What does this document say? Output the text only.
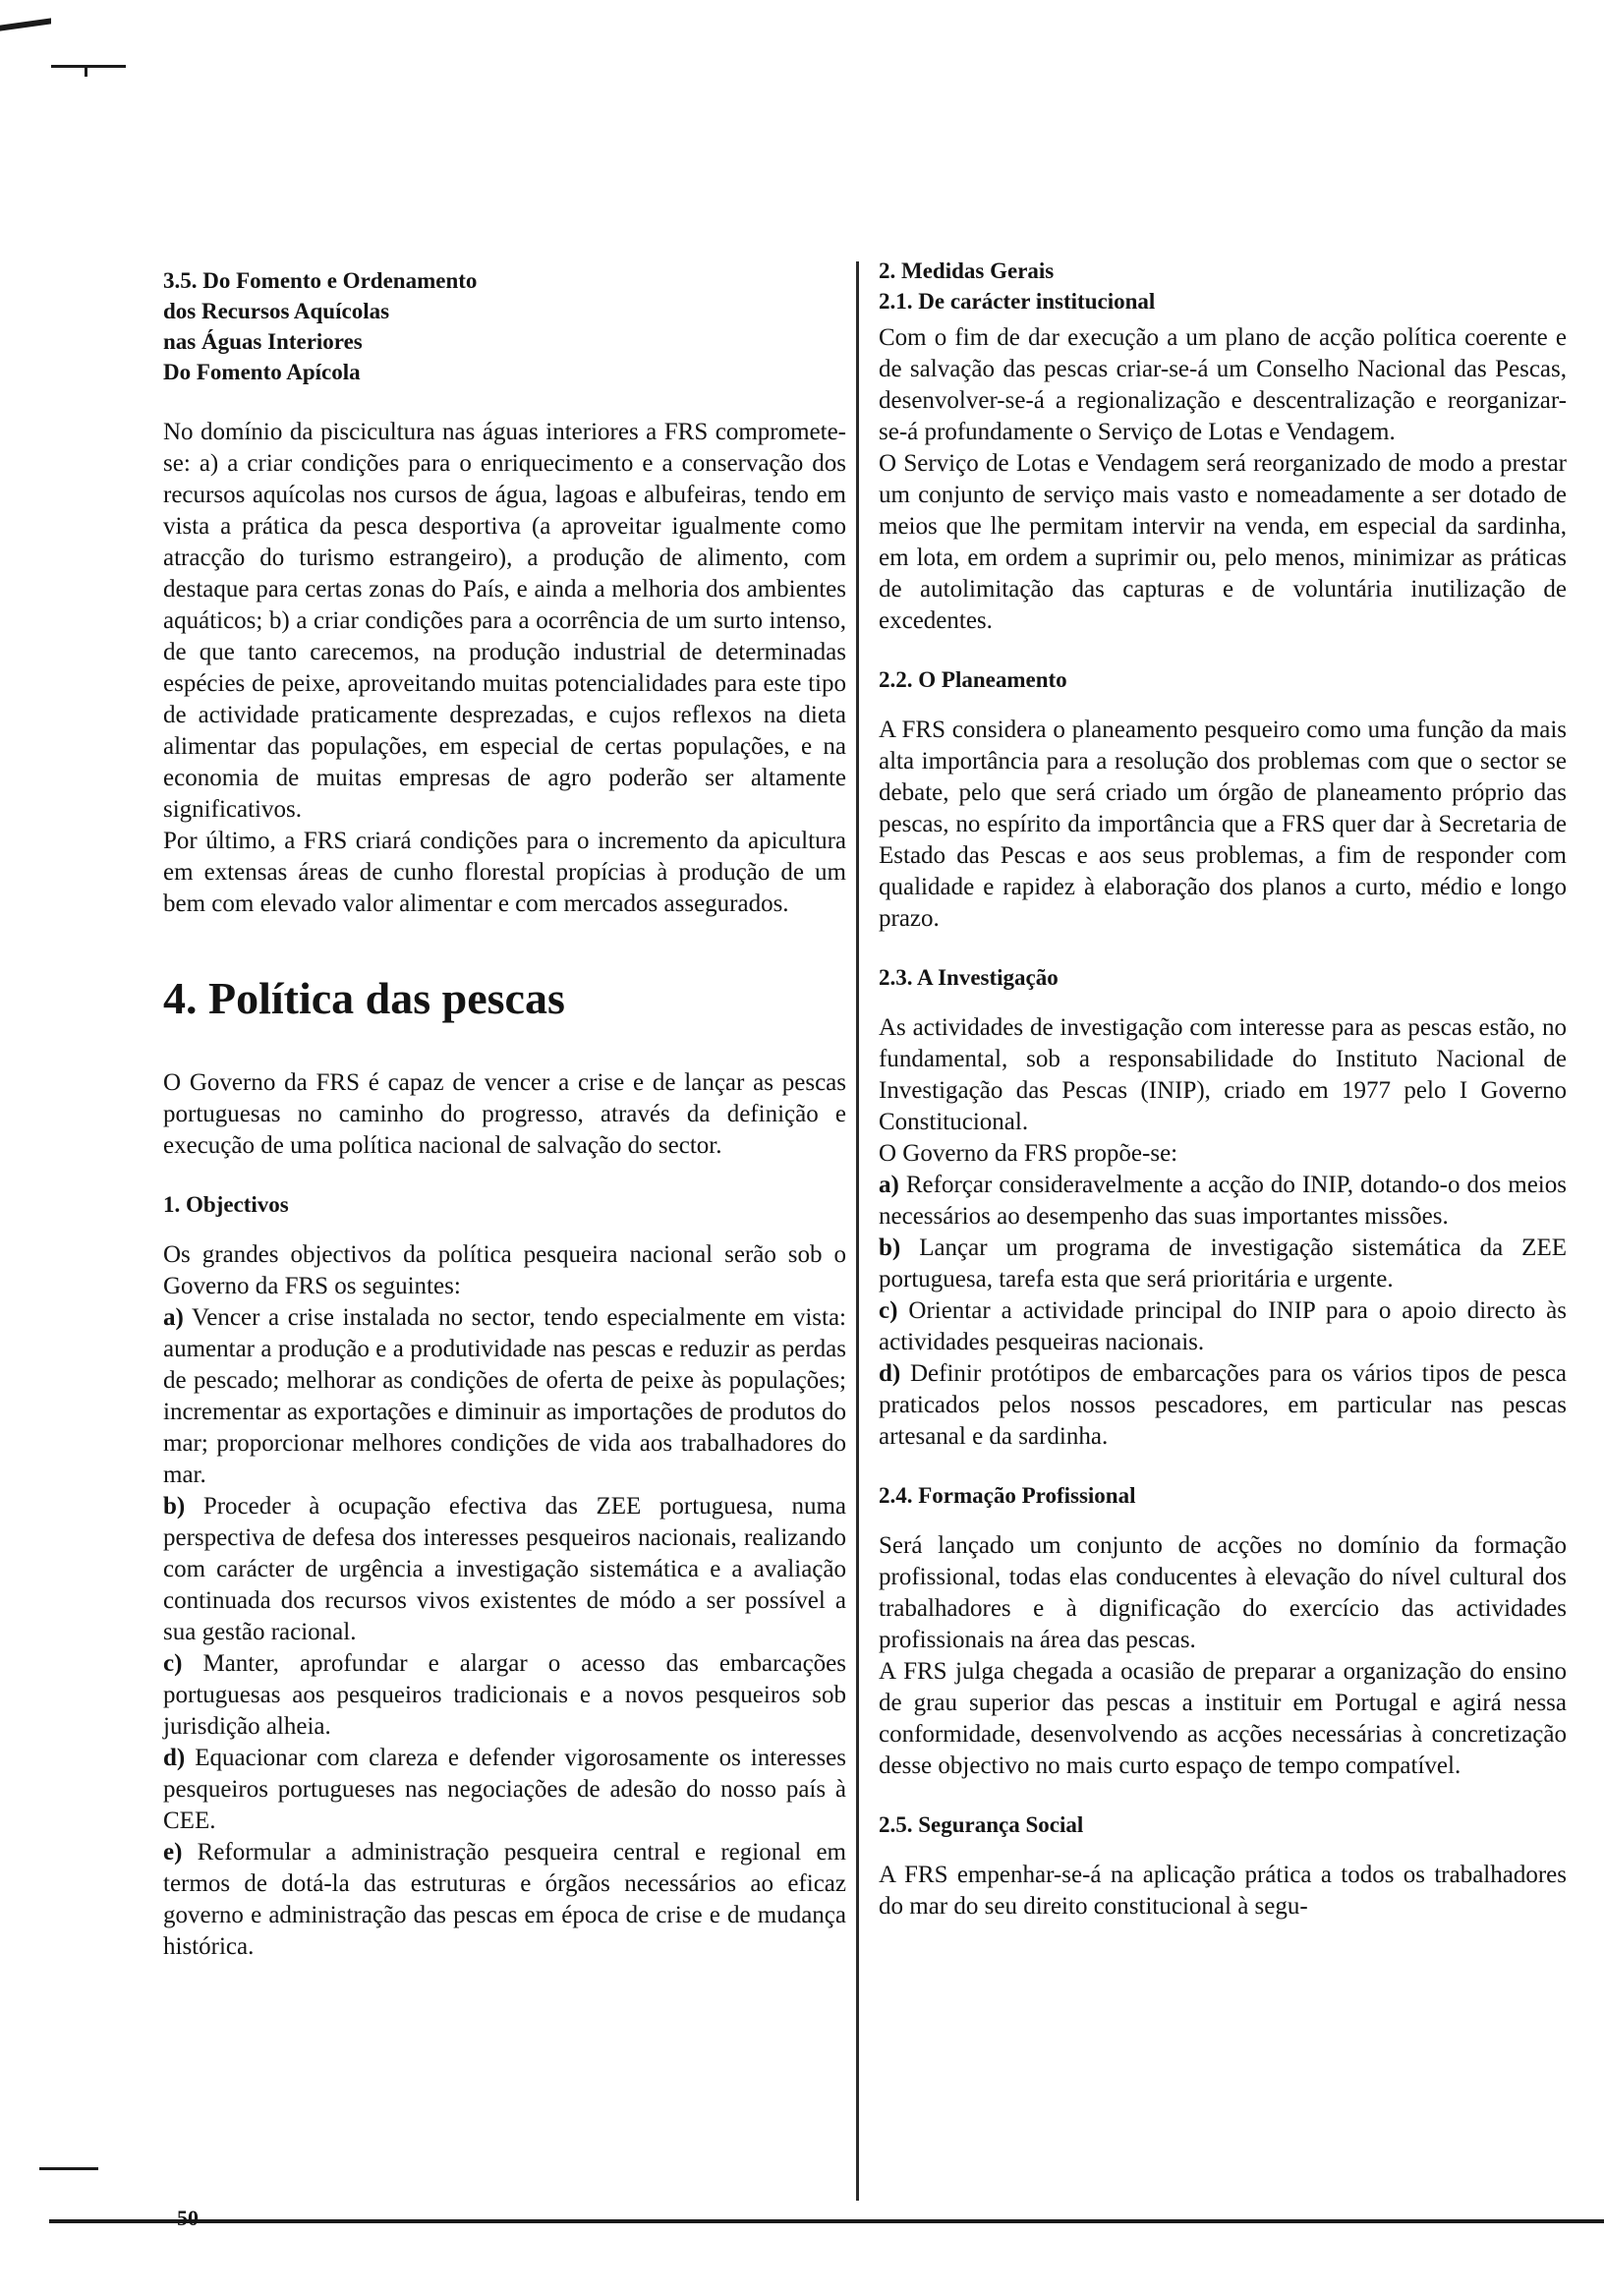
3.5. Do Fomento e Ordenamento
dos Recursos Aquícolas
nas Águas Interiores
Do Fomento Apícola

No domínio da piscicultura nas águas interiores a FRS compromete-se: a) a criar condições para o enriquecimento e a conservação dos recursos aquícolas nos cursos de água, lagoas e albufeiras, tendo em vista a prática da pesca desportiva (a aproveitar igualmente como atracção do turismo estrangeiro), a produção de alimento, com destaque para certas zonas do País, e ainda a melhoria dos ambientes aquáticos; b) a criar condições para a ocorrência de um surto intenso, de que tanto carecemos, na produção industrial de determinadas espécies de peixe, aproveitando muitas potencialidades para este tipo de actividade praticamente desprezadas, e cujos reflexos na dieta alimentar das populações, em especial de certas populações, e na economia de muitas empresas de agro poderão ser altamente significativos.

Por último, a FRS criará condições para o incremento da apicultura em extensas áreas de cunho florestal propícias à produção de um bem com elevado valor alimentar e com mercados assegurados.

4. Política das pescas

O Governo da FRS é capaz de vencer a crise e de lançar as pescas portuguesas no caminho do progresso, através da definição e execução de uma política nacional de salvação do sector.

1. Objectivos

Os grandes objectivos da política pesqueira nacional serão sob o Governo da FRS os seguintes:

a) Vencer a crise instalada no sector, tendo especialmente em vista: aumentar a produção e a produtividade nas pescas e reduzir as perdas de pescado; melhorar as condições de oferta de peixe às populações; incrementar as exportações e diminuir as importações de produtos do mar; proporcionar melhores condições de vida aos trabalhadores do mar.

b) Proceder à ocupação efectiva das ZEE portuguesa, numa perspectiva de defesa dos interesses pesqueiros nacionais, realizando com carácter de urgência a investigação sistemática e a avaliação continuada dos recursos vivos existentes de módo a ser possível a sua gestão racional.

c) Manter, aprofundar e alargar o acesso das embarcações portuguesas aos pesqueiros tradicionais e a novos pesqueiros sob jurisdição alheia.

d) Equacionar com clareza e defender vigorosamente os interesses pesqueiros portugueses nas negociações de adesão do nosso país à CEE.

e) Reformular a administração pesqueira central e regional em termos de dotá-la das estruturas e órgãos necessários ao eficaz governo e administração das pescas em época de crise e de mudança histórica.

50
2. Medidas Gerais
2.1. De carácter institucional

Com o fim de dar execução a um plano de acção política coerente e de salvação das pescas criar-se-á um Conselho Nacional das Pescas, desenvolver-se-á a regionalização e descentralização e reorganizar-se-á profundamente o Serviço de Lotas e Vendagem.

O Serviço de Lotas e Vendagem será reorganizado de modo a prestar um conjunto de serviço mais vasto e nomeadamente a ser dotado de meios que lhe permitam intervir na venda, em especial da sardinha, em lota, em ordem a suprimir ou, pelo menos, minimizar as práticas de autolimitação das capturas e de voluntária inutilização de excedentes.

2.2. O Planeamento

A FRS considera o planeamento pesqueiro como uma função da mais alta importância para a resolução dos problemas com que o sector se debate, pelo que será criado um órgão de planeamento próprio das pescas, no espírito da importância que a FRS quer dar à Secretaria de Estado das Pescas e aos seus problemas, a fim de responder com qualidade e rapidez à elaboração dos planos a curto, médio e longo prazo.

2.3. A Investigação

As actividades de investigação com interesse para as pescas estão, no fundamental, sob a responsabilidade do Instituto Nacional de Investigação das Pescas (INIP), criado em 1977 pelo I Governo Constitucional.

O Governo da FRS propõe-se:

a) Reforçar consideravelmente a acção do INIP, dotando-o dos meios necessários ao desempenho das suas importantes missões.

b) Lançar um programa de investigação sistemática da ZEE portuguesa, tarefa esta que será prioritária e urgente.

c) Orientar a actividade principal do INIP para o apoio directo às actividades pesqueiras nacionais.

d) Definir protótipos de embarcações para os vários tipos de pesca praticados pelos nossos pescadores, em particular nas pescas artesanal e da sardinha.

2.4. Formação Profissional

Será lançado um conjunto de acções no domínio da formação profissional, todas elas conducentes à elevação do nível cultural dos trabalhadores e à dignificação do exercício das actividades profissionais na área das pescas.

A FRS julga chegada a ocasião de preparar a organização do ensino de grau superior das pescas a instituir em Portugal e agirá nessa conformidade, desenvolvendo as acções necessárias à concretização desse objectivo no mais curto espaço de tempo compatível.

2.5. Segurança Social

A FRS empenhar-se-á na aplicação prática a todos os trabalhadores do mar do seu direito constitucional à segu-
